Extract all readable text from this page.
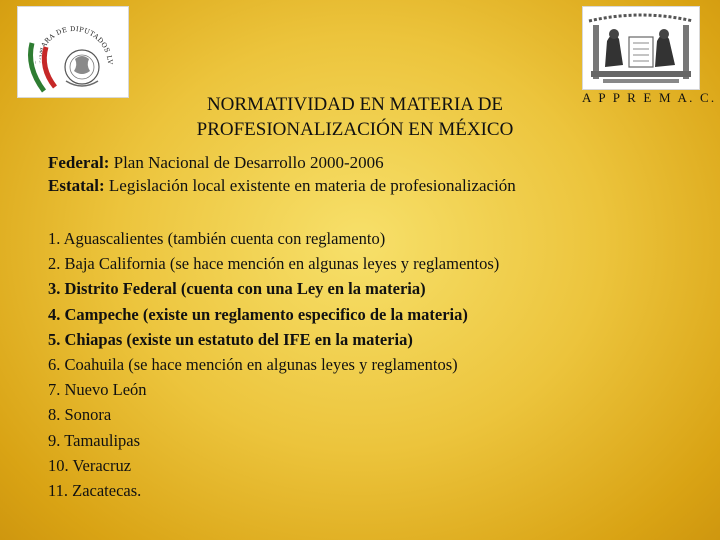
CAMARA DE DIPUTADOS LV
A P P R E M A. C.
NORMATIVIDAD EN MATERIA DE
PROFESIONALIZACIÓN EN MÉXICO
Federal: Plan Nacional de Desarrollo 2000-2006
Estatal: Legislación local existente en materia de profesionalización
1. Aguascalientes (también cuenta con reglamento)
2. Baja California (se hace mención en algunas leyes y reglamentos)
3. Distrito Federal (cuenta con una Ley en la materia)
4. Campeche (existe un reglamento especifico de la materia)
5. Chiapas (existe un estatuto del IFE en la materia)
6. Coahuila (se hace mención en algunas leyes y reglamentos)
7. Nuevo León
8. Sonora
9. Tamaulipas
10. Veracruz
11. Zacatecas.
